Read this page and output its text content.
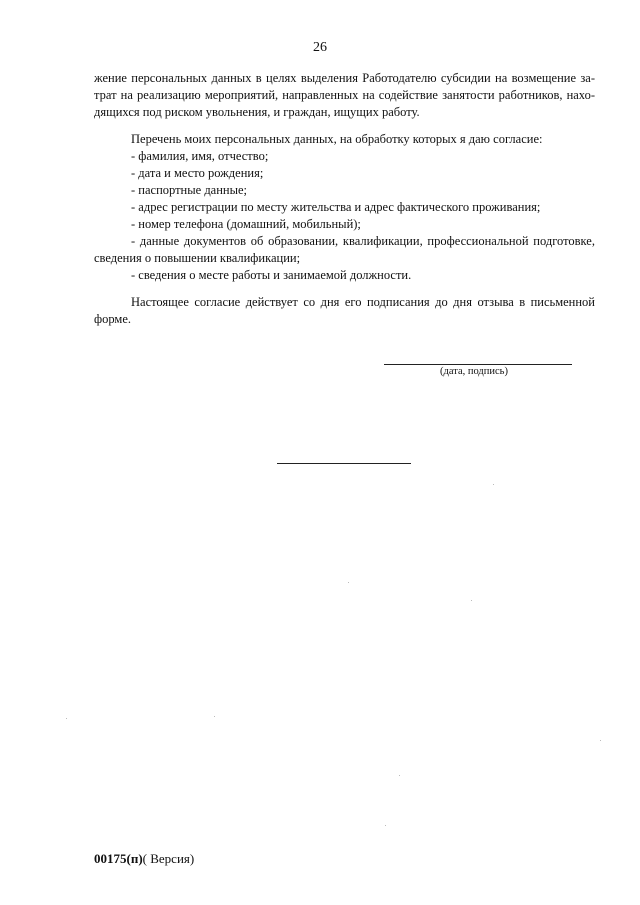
26
жение персональных данных в целях выделения Работодателю субсидии на возмещение за-
трат на реализацию мероприятий, направленных на содействие занятости работников, нахо-
дящихся под риском увольнения, и граждан, ищущих работу.
Перечень моих персональных данных, на обработку которых я даю согласие:
- фамилия, имя, отчество;
- дата и место рождения;
- паспортные данные;
- адрес регистрации по месту жительства и адрес фактического проживания;
- номер телефона (домашний, мобильный);
- данные документов об образовании, квалификации, профессиональной подготовке,
сведения о повышении квалификации;
- сведения о месте работы и занимаемой должности.
Настоящее согласие действует со дня его подписания до дня отзыва в письменной
форме.
(дата, подпись)
00175(п)( Версия)
